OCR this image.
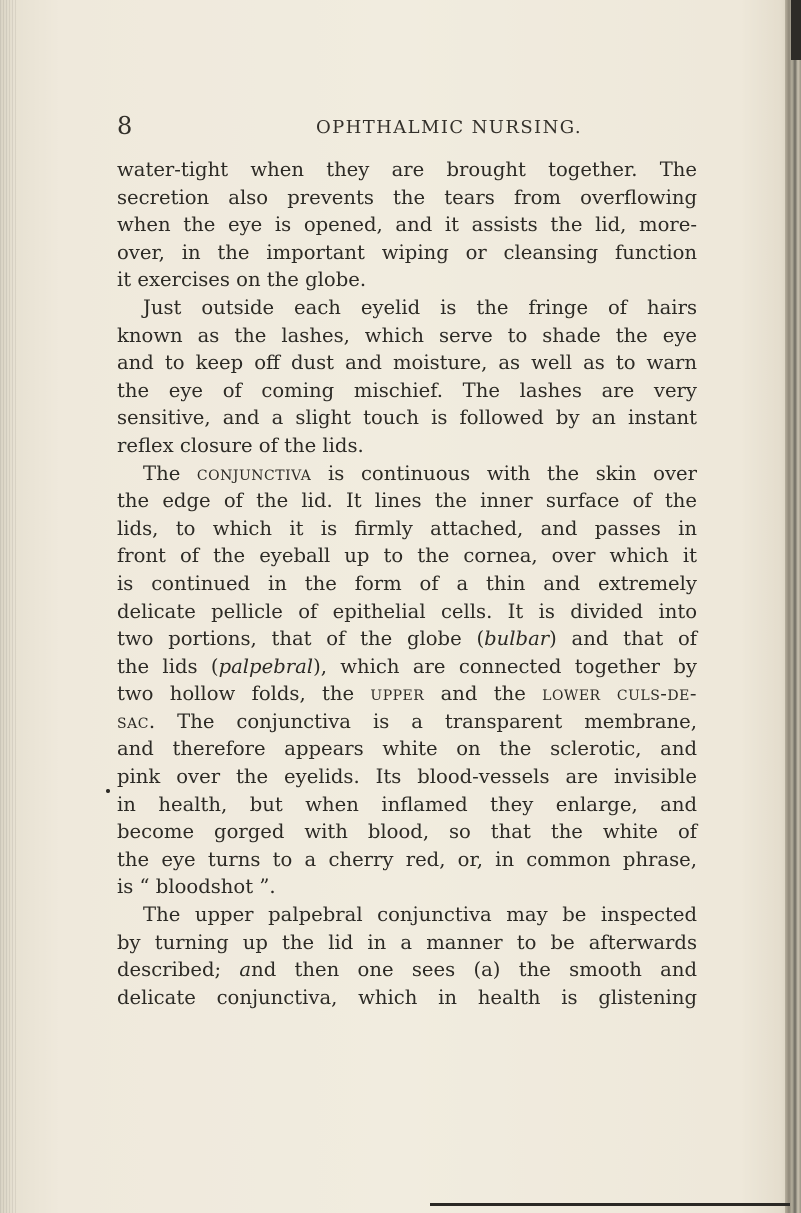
8	OPHTHALMIC NURSING.
water-tight when they are brought together. The
secretion also prevents the tears from overflowing
when the eye is opened, and it assists the lid, more-
over, in the important wiping or cleansing function
it exercises on the globe.
Just outside each eyelid is the fringe of hairs
known as the lashes, which serve to shade the eye
and to keep off dust and moisture, as well as to warn
the eye of coming mischief. The lashes are very
sensitive, and a slight touch is followed by an instant
reflex closure of the lids.
The conjunctiva is continuous with the skin over
the edge of the lid. It lines the inner surface of the
lids, to which it is firmly attached, and passes in
front of the eyeball up to the cornea, over which it
is continued in the form of a thin and extremely
delicate pellicle of epithelial cells. It is divided into
two portions, that of the globe (bulbar) and that of
the lids (palpebral), which are connected together by
two hollow folds, the upper and the lower culs-de-
sac. The conjunctiva is a transparent membrane,
and therefore appears white on the sclerotic, and
pink over the eyelids. Its blood-vessels are invisible
in health, but when inflamed they enlarge, and
become gorged with blood, so that the white of
the eye turns to a cherry red, or, in common phrase,
is “ bloodshot ”.
The upper palpebral conjunctiva may be inspected
by turning up the lid in a manner to be afterwards
described; and then one sees (a) the smooth and
delicate conjunctiva, which in health is glistening
